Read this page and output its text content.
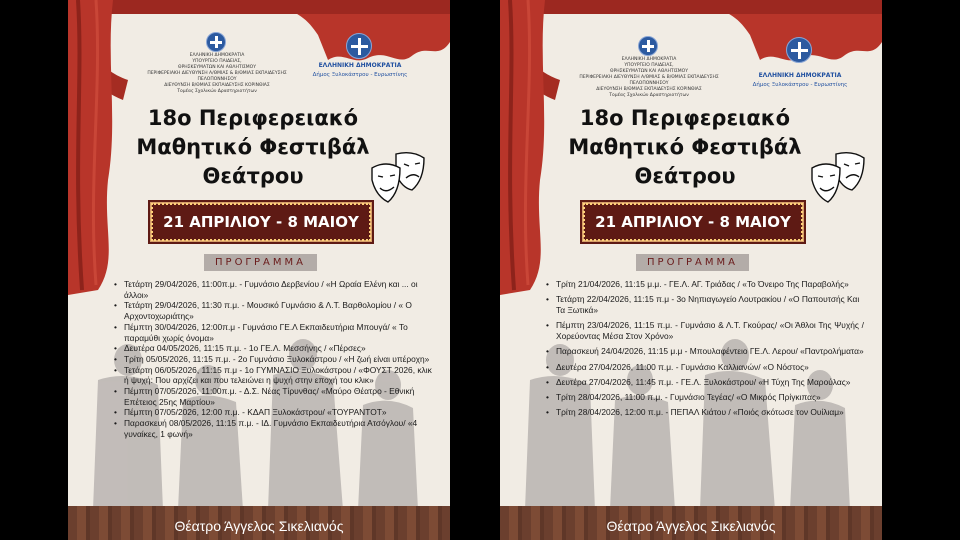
ΕΛΛΗΝΙΚΗ ΔΗΜΟΚΡΑΤΙΑ
ΥΠΟΥΡΓΕΙΟ ΠΑΙΔΕΙΑΣ,
ΘΡΗΣΚΕΥΜΑΤΩΝ ΚΑΙ ΑΘΛΗΤΙΣΜΟΥ
ΠΕΡΙΦΕΡΕΙΑΚΗ ΔΙΕΥΘΥΝΣΗ Α/ΘΜΙΑΣ & Β/ΘΜΙΑΣ ΕΚΠΑΙΔΕΥΣΗΣ
ΠΕΛΟΠΟΝΝΗΣΟΥ
ΔΙΕΥΘΥΝΣΗ Β/ΘΜΙΑΣ ΕΚΠΑΙΔΕΥΣΗΣ ΚΟΡΙΝΘΙΑΣ
Τομέας Σχολικών Δραστηριοτήτων
ΕΛΛΗΝΙΚΗ ΔΗΜΟΚΡΑΤΙΑ
Δήμος Ξυλοκάστρου - Ευρωστίνης
18ο Περιφερειακό
Μαθητικό Φεστιβάλ
Θεάτρου
21 ΑΠΡΙΛΙΟΥ - 8 ΜΑΙΟΥ
ΠΡΟΓΡΑΜΜΑ
• Τετάρτη 29/04/2026, 11:00π.μ. - Γυμνάσιο Δερβενίου / «Η Ωραία Ελένη και ... οι άλλοι»
• Τετάρτη 29/04/2026, 11:30 π.μ. - Μουσικό Γυμνάσιο & Λ.Τ. Βαρθολομίου / « Ο Αρχοντοχωριάτης»
• Πέμπτη 30/04/2026, 12:00π.μ - Γυμνάσιο ΓΕ.Λ Εκπαιδευτήρια Μπουγά/ « Το παραμύθι χωρίς όνομα»
• Δευτέρα 04/05/2026, 11:15 π.μ. - 1ο ΓΕ.Λ. Μεσσήνης / «Πέρσες»
• Τρίτη 05/05/2026, 11:15 π.μ. - 2ο Γυμνάσιο Ξυλοκάστρου / «Η ζωή είναι υπέροχη»
• Τετάρτη 06/05/2026, 11:15 π.μ - 1ο ΓΥΜΝΑΣΙΟ Ξυλοκάστρου / «ΦΟΥΣΤ 2026, κλικ ή ψυχή: Που αρχίζει και που τελειώνει η ψυχή στην εποχή του κλικ»
• Πέμπτη 07/05/2026, 11:00π.μ. - Δ.Σ. Νέας Τίρυνθας/ «Μαύρο Θέατρο - Εθνική Επέτειος 25ης Μαρτίου»
• Πέμπτη 07/05/2026, 12:00 π.μ. - ΚΔΑΠ Ξυλοκάστρου/ «ΤΟΥΡΑΝΤΟΤ»
• Παρασκευή 08/05/2026, 11:15 π.μ. - ΙΔ. Γυμνάσιο Εκπαιδευτήρια Ατσόγλου/ «4 γυναίκες, 1 φωνή»
Θέατρο Άγγελος Σικελιανός
ΕΛΛΗΝΙΚΗ ΔΗΜΟΚΡΑΤΙΑ
ΥΠΟΥΡΓΕΙΟ ΠΑΙΔΕΙΑΣ,
ΘΡΗΣΚΕΥΜΑΤΩΝ ΚΑΙ ΑΘΛΗΤΙΣΜΟΥ
ΠΕΡΙΦΕΡΕΙΑΚΗ ΔΙΕΥΘΥΝΣΗ Α/ΘΜΙΑΣ & Β/ΘΜΙΑΣ ΕΚΠΑΙΔΕΥΣΗΣ
ΠΕΛΟΠΟΝΝΗΣΟΥ
ΔΙΕΥΘΥΝΣΗ Β/ΘΜΙΑΣ ΕΚΠΑΙΔΕΥΣΗΣ ΚΟΡΙΝΘΙΑΣ
Τομέας Σχολικών Δραστηριοτήτων
ΕΛΛΗΝΙΚΗ ΔΗΜΟΚΡΑΤΙΑ
Δήμος Ξυλοκάστρου - Ευρωστίνης
18ο Περιφερειακό
Μαθητικό Φεστιβάλ
Θεάτρου
21 ΑΠΡΙΛΙΟΥ - 8 ΜΑΙΟΥ
ΠΡΟΓΡΑΜΜΑ
• Τρίτη 21/04/2026, 11:15 μ.μ. - ΓΕ.Λ. ΑΓ. Τριάδας / «Το Όνειρο Της Παραβολής»
• Τετάρτη 22/04/2026, 11:15 π.μ - 3ο Νηπιαγωγείο Λουτρακίου / «Ο Παπουτσής Και Τα Ξωτικά»
• Πέμπτη 23/04/2026, 11:15 π.μ. - Γυμνάσιο & Λ.Τ. Γκούρας/ «Οι Άθλοι Της Ψυχής / Χορεύοντας Μέσα Στον Χρόνο»
• Παρασκευή 24/04/2026, 11:15 μ.μ - Μπουλαφέντειο ΓΕ.Λ. Λερου/ «Παντρολήματα»
• Δευτέρα 27/04/2026, 11:00 π.μ. - Γυμνάσιο Καλλιανών/ «Ο Νόστος»
• Δευτέρα 27/04/2026, 11:45 π.μ. - ΓΕ.Λ. Ξυλοκάστρου/ «Η Τύχη Της Μαρούλας»
• Τρίτη 28/04/2026, 11:00 π.μ. - Γυμνάσιο Τεγέας/ «Ο Μικρός Πρίγκιπας»
• Τρίτη 28/04/2026, 12:00 π.μ. - ΠΕΠΑΛ Κιάτου / «Ποιός σκότωσε τον Ουίλιαμ»
Θέατρο Άγγελος Σικελιανός
